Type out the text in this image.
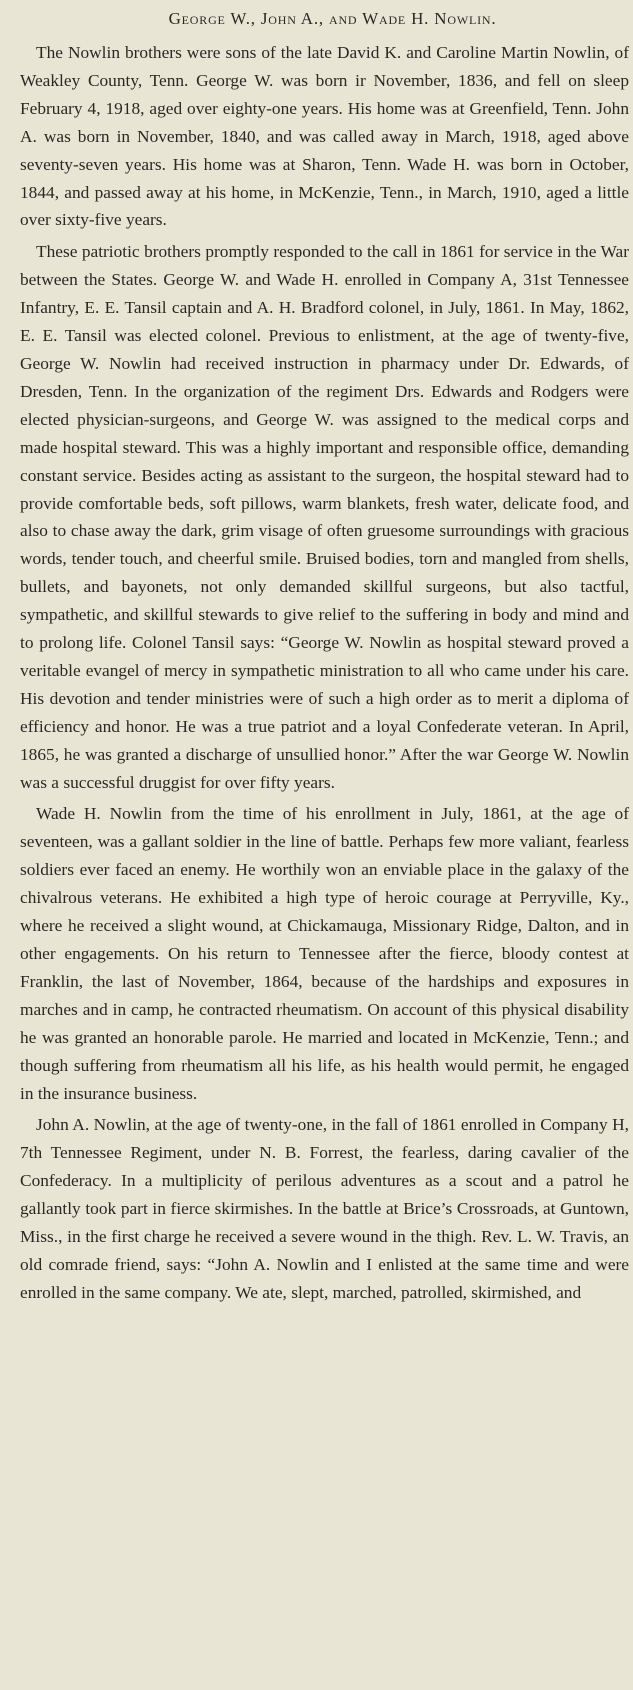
George W., John A., and Wade H. Nowlin.

The Nowlin brothers were sons of the late David K. and Caroline Martin Nowlin, of Weakley County, Tenn. George W. was born ir November, 1836, and fell on sleep February 4, 1918, aged over eighty-one years. His home was at Greenfield, Tenn. John A. was born in November, 1840, and was called away in March, 1918, aged above seventy-seven years. His home was at Sharon, Tenn. Wade H. was born in October, 1844, and passed away at his home, in McKenzie, Tenn., in March, 1910, aged a little over sixty-five years.

These patriotic brothers promptly responded to the call in 1861 for service in the War between the States. George W. and Wade H. enrolled in Company A, 31st Tennessee Infantry, E. E. Tansil captain and A. H. Bradford colonel, in July, 1861. In May, 1862, E. E. Tansil was elected colonel. Previous to enlistment, at the age of twenty-five, George W. Nowlin had received instruction in pharmacy under Dr. Edwards, of Dresden, Tenn. In the organization of the regiment Drs. Edwards and Rodgers were elected physician-surgeons, and George W. was assigned to the medical corps and made hospital steward. This was a highly important and responsible office, demanding constant service. Besides acting as assistant to the surgeon, the hospital steward had to provide comfortable beds, soft pillows, warm blankets, fresh water, delicate food, and also to chase away the dark, grim visage of often gruesome surroundings with gracious words, tender touch, and cheerful smile. Bruised bodies, torn and mangled from shells, bullets, and bayonets, not only demanded skillful surgeons, but also tactful, sympathetic, and skillful stewards to give relief to the suffering in body and mind and to prolong life. Colonel Tansil says: “George W. Nowlin as hospital steward proved a veritable evangel of mercy in sympathetic ministration to all who came under his care. His devotion and tender ministries were of such a high order as to merit a diploma of efficiency and honor. He was a true patriot and a loyal Confederate veteran. In April, 1865, he was granted a discharge of unsullied honor.” After the war George W. Nowlin was a successful druggist for over fifty years.

Wade H. Nowlin from the time of his enrollment in July, 1861, at the age of seventeen, was a gallant soldier in the line of battle. Perhaps few more valiant, fearless soldiers ever faced an enemy. He worthily won an enviable place in the galaxy of the chivalrous veterans. He exhibited a high type of heroic courage at Perryville, Ky., where he received a slight wound, at Chickamauga, Missionary Ridge, Dalton, and in other engagements. On his return to Tennessee after the fierce, bloody contest at Franklin, the last of November, 1864, because of the hardships and exposures in marches and in camp, he contracted rheumatism. On account of this physical disability he was granted an honorable parole. He married and located in McKenzie, Tenn.; and though suffering from rheumatism all his life, as his health would permit, he engaged in the insurance business.

John A. Nowlin, at the age of twenty-one, in the fall of 1861 enrolled in Company H, 7th Tennessee Regiment, under N. B. Forrest, the fearless, daring cavalier of the Confederacy. In a multiplicity of perilous adventures as a scout and a patrol he gallantly took part in fierce skirmishes. In the battle at Brice’s Crossroads, at Guntown, Miss., in the first charge he received a severe wound in the thigh. Rev. L. W. Travis, an old comrade friend, says: “John A. Nowlin and I enlisted at the same time and were enrolled in the same company. We ate, slept, marched, patrolled, skirmished, and
